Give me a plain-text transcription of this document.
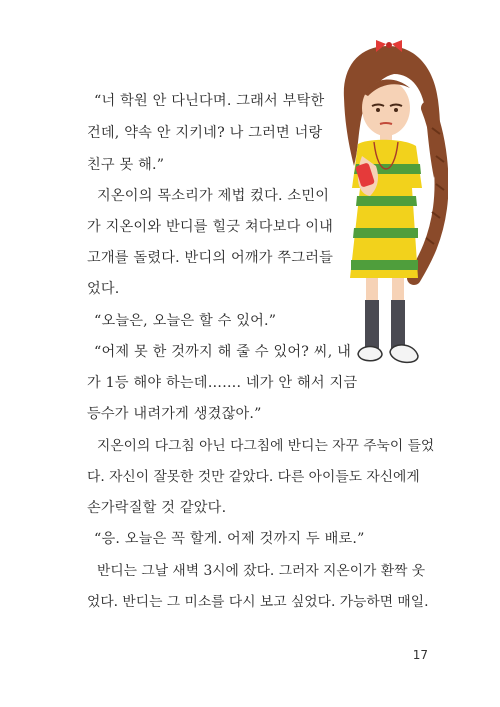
“너 학원 안 다닌다며. 그래서 부탁한
건데, 약속 안 지키네? 나 그러면 너랑
친구 못 해.”
지온이의 목소리가 제법 컸다. 소민이
가 지온이와 반디를 힐긋 쳐다보다 이내
고개를 돌렸다. 반디의 어깨가 쭈그러들
었다.
“오늘은, 오늘은 할 수 있어.”
“어제 못 한 것까지 해 줄 수 있어? 씨, 내
가 1등 해야 하는데……. 네가 안 해서 지금
등수가 내려가게 생겼잖아.”
지온이의 다그침 아닌 다그침에 반디는 자꾸 주눅이 들었
다. 자신이 잘못한 것만 같았다. 다른 아이들도 자신에게
손가락질할 것 같았다.
“응. 오늘은 꼭 할게. 어제 것까지 두 배로.”
반디는 그날 새벽 3시에 잤다. 그러자 지온이가 환짝 웃
었다. 반디는 그 미소를 다시 보고 싶었다. 가능하면 매일.
17
